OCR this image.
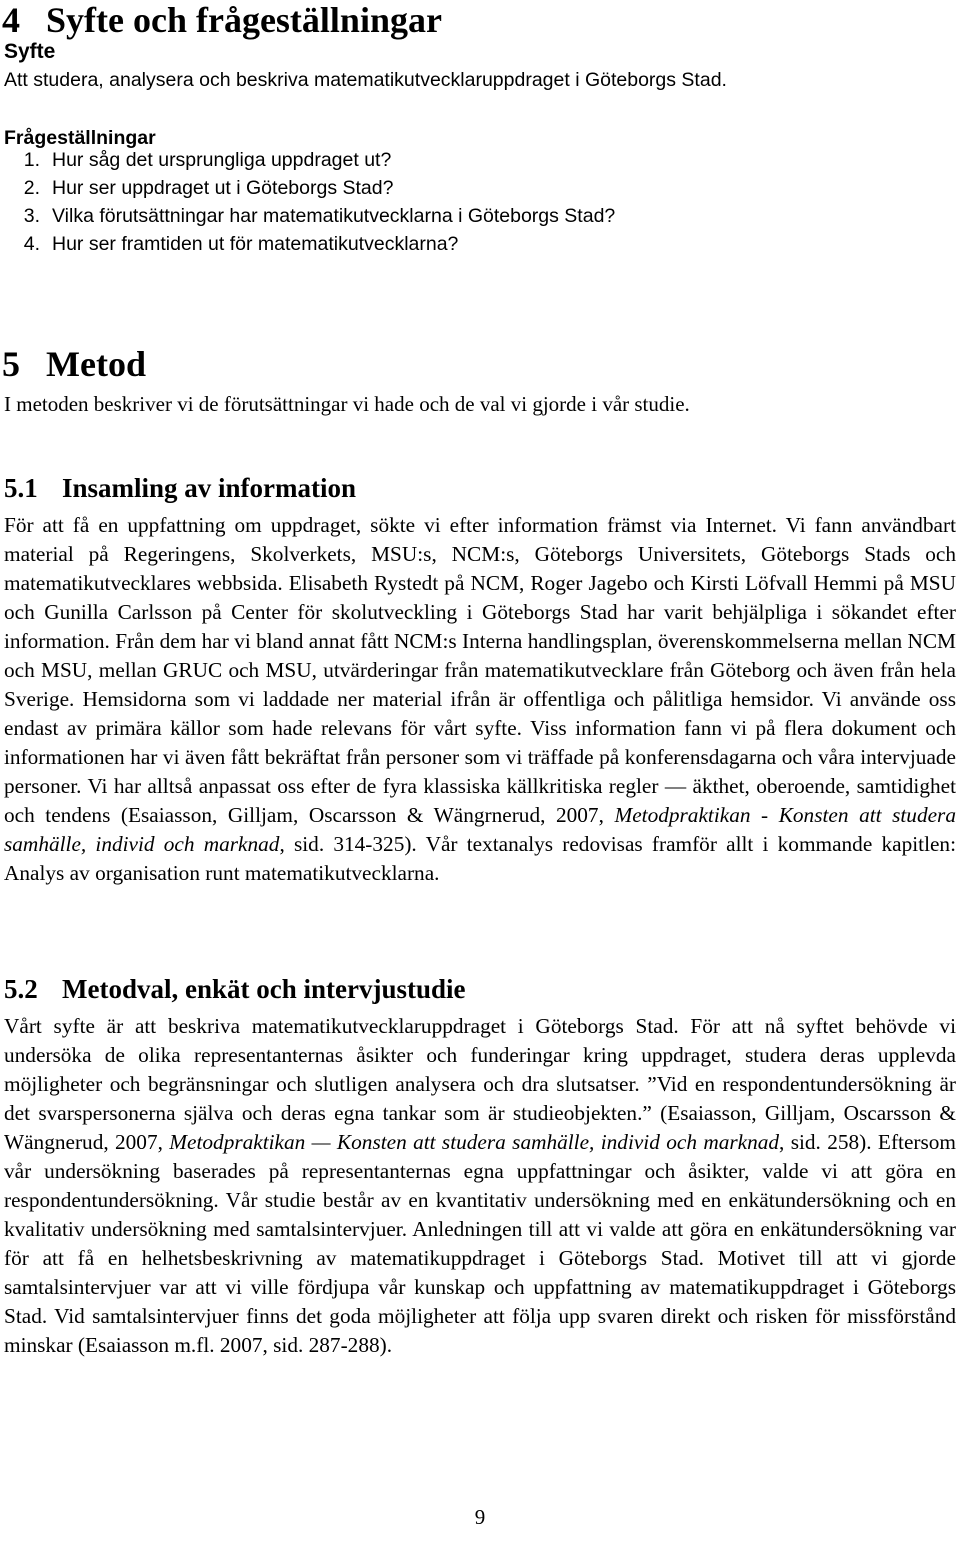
4 Syfte och frågeställningar
Syfte
Att studera, analysera och beskriva matematikutvecklaruppdraget i Göteborgs Stad.
Frågeställningar
1. Hur såg det ursprungliga uppdraget ut?
2. Hur ser uppdraget ut i Göteborgs Stad?
3. Vilka förutsättningar har matematikutvecklarna i Göteborgs Stad?
4. Hur ser framtiden ut för matematikutvecklarna?
5 Metod
I metoden beskriver vi de förutsättningar vi hade och de val vi gjorde i vår studie.
5.1 Insamling av information

För att få en uppfattning om uppdraget, sökte vi efter information främst via Internet. Vi fann användbart material på Regeringens, Skolverkets, MSU:s, NCM:s, Göteborgs Universitets, Göteborgs Stads och matematikutvecklares webbsida. Elisabeth Rystedt på NCM, Roger Jagebo och Kirsti Löfvall Hemmi på MSU och Gunilla Carlsson på Center för skolutveckling i Göteborgs Stad har varit behjälpliga i sökandet efter information. Från dem har vi bland annat fått NCM:s Interna handlingsplan, överenskommelserna mellan NCM och MSU, mellan GRUC och MSU, utvärderingar från matematikutvecklare från Göteborg och även från hela Sverige. Hemsidorna som vi laddade ner material ifrån är offentliga och pålitliga hemsidor. Vi använde oss endast av primära källor som hade relevans för vårt syfte. Viss information fann vi på flera dokument och informationen har vi även fått bekräftat från personer som vi träffade på konferensdagarna och våra intervjuade personer. Vi har alltså anpassat oss efter de fyra klassiska källkritiska regler — äkthet, oberoende, samtidighet och tendens (Esaiasson, Gilljam, Oscarsson & Wängrnerud, 2007, Metodpraktikan - Konsten att studera samhälle, individ och marknad, sid. 314-325). Vår textanalys redovisas framför allt i kommande kapitlen: Analys av organisation runt matematikutvecklarna.

5.2 Metodval, enkät och intervjustudie

Vårt syfte är att beskriva matematikutvecklaruppdraget i Göteborgs Stad. För att nå syftet behövde vi undersöka de olika representanternas åsikter och funderingar kring uppdraget, studera deras upplevda möjligheter och begränsningar och slutligen analysera och dra slutsatser. ”Vid en respondentundersökning är det svarspersonerna själva och deras egna tankar som är studieobjekten.” (Esaiasson, Gilljam, Oscarsson & Wängnerud, 2007, Metodpraktikan — Konsten att studera samhälle, individ och marknad, sid. 258). Eftersom vår undersökning baserades på representanternas egna uppfattningar och åsikter, valde vi att göra en respondentundersökning. Vår studie består av en kvantitativ undersökning med en enkätundersökning och en kvalitativ undersökning med samtalsintervjuer. Anledningen till att vi valde att göra en enkätundersökning var för att få en helhetsbeskrivning av matematikuppdraget i Göteborgs Stad. Motivet till att vi gjorde samtalsintervjuer var att vi ville fördjupa vår kunskap och uppfattning av matematikuppdraget i Göteborgs Stad. Vid samtalsintervjuer finns det goda möjligheter att följa upp svaren direkt och risken för missförstånd minskar (Esaiasson m.fl. 2007, sid. 287-288).

9
